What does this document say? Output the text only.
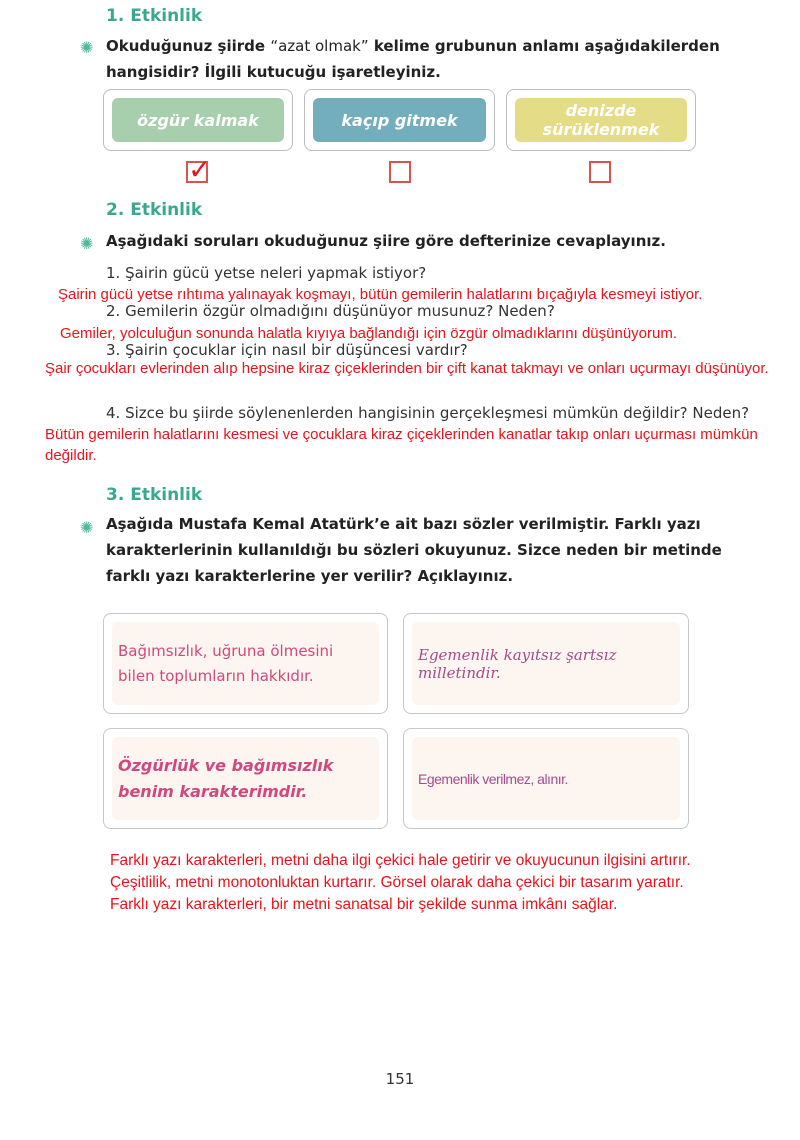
1. Etkinlik
✺ Okuduğunuz şiirde “azat olmak” kelime grubunun anlamı aşağıdakilerden
hangisidir? İlgili kutucuğu işaretleyiniz.
özgür kalmak	kaçıp gitmek	denizde sürüklenmek
✓
2. Etkinlik
✺ Aşağıdaki soruları okuduğunuz şiire göre defterinize cevaplayınız.
1. Şairin gücü yetse neleri yapmak istiyor?
Şairin gücü yetse rıhtıma yalınayak koşmayı, bütün gemilerin halatlarını bıçağıyla kesmeyi istiyor.
2. Gemilerin özgür olmadığını düşünüyor musunuz? Neden?
Gemiler, yolculuğun sonunda halatla kıyıya bağlandığı için özgür olmadıklarını düşünüyorum.
3. Şairin çocuklar için nasıl bir düşüncesi vardır?
Şair çocukları evlerinden alıp hepsine kiraz çiçeklerinden bir çift kanat takmayı ve onları uçurmayı düşünüyor.
4. Sizce bu şiirde söylenenlerden hangisinin gerçekleşmesi mümkün değildir? Neden?
Bütün gemilerin halatlarını kesmesi ve çocuklara kiraz çiçeklerinden kanatlar takıp onları uçurması mümkün değildir.
3. Etkinlik
✺ Aşağıda Mustafa Kemal Atatürk’e ait bazı sözler verilmiştir. Farklı yazı
karakterlerinin kullanıldığı bu sözleri okuyunuz. Sizce neden bir metinde
farklı yazı karakterlerine yer verilir? Açıklayınız.
Bağımsızlık, uğruna ölmesini bilen toplumların hakkıdır.
Egemenlik kayıtsız şartsız milletindir.
Özgürlük ve bağımsızlık benim karakterimdir.
Egemenlik verilmez, alınır.
Farklı yazı karakterleri, metni daha ilgi çekici hale getirir ve okuyucunun ilgisini artırır. Çeşitlilik, metni monotonluktan kurtarır. Görsel olarak daha çekici bir tasarım yaratır. Farklı yazı karakterleri, bir metni sanatsal bir şekilde sunma imkânı sağlar.
151
